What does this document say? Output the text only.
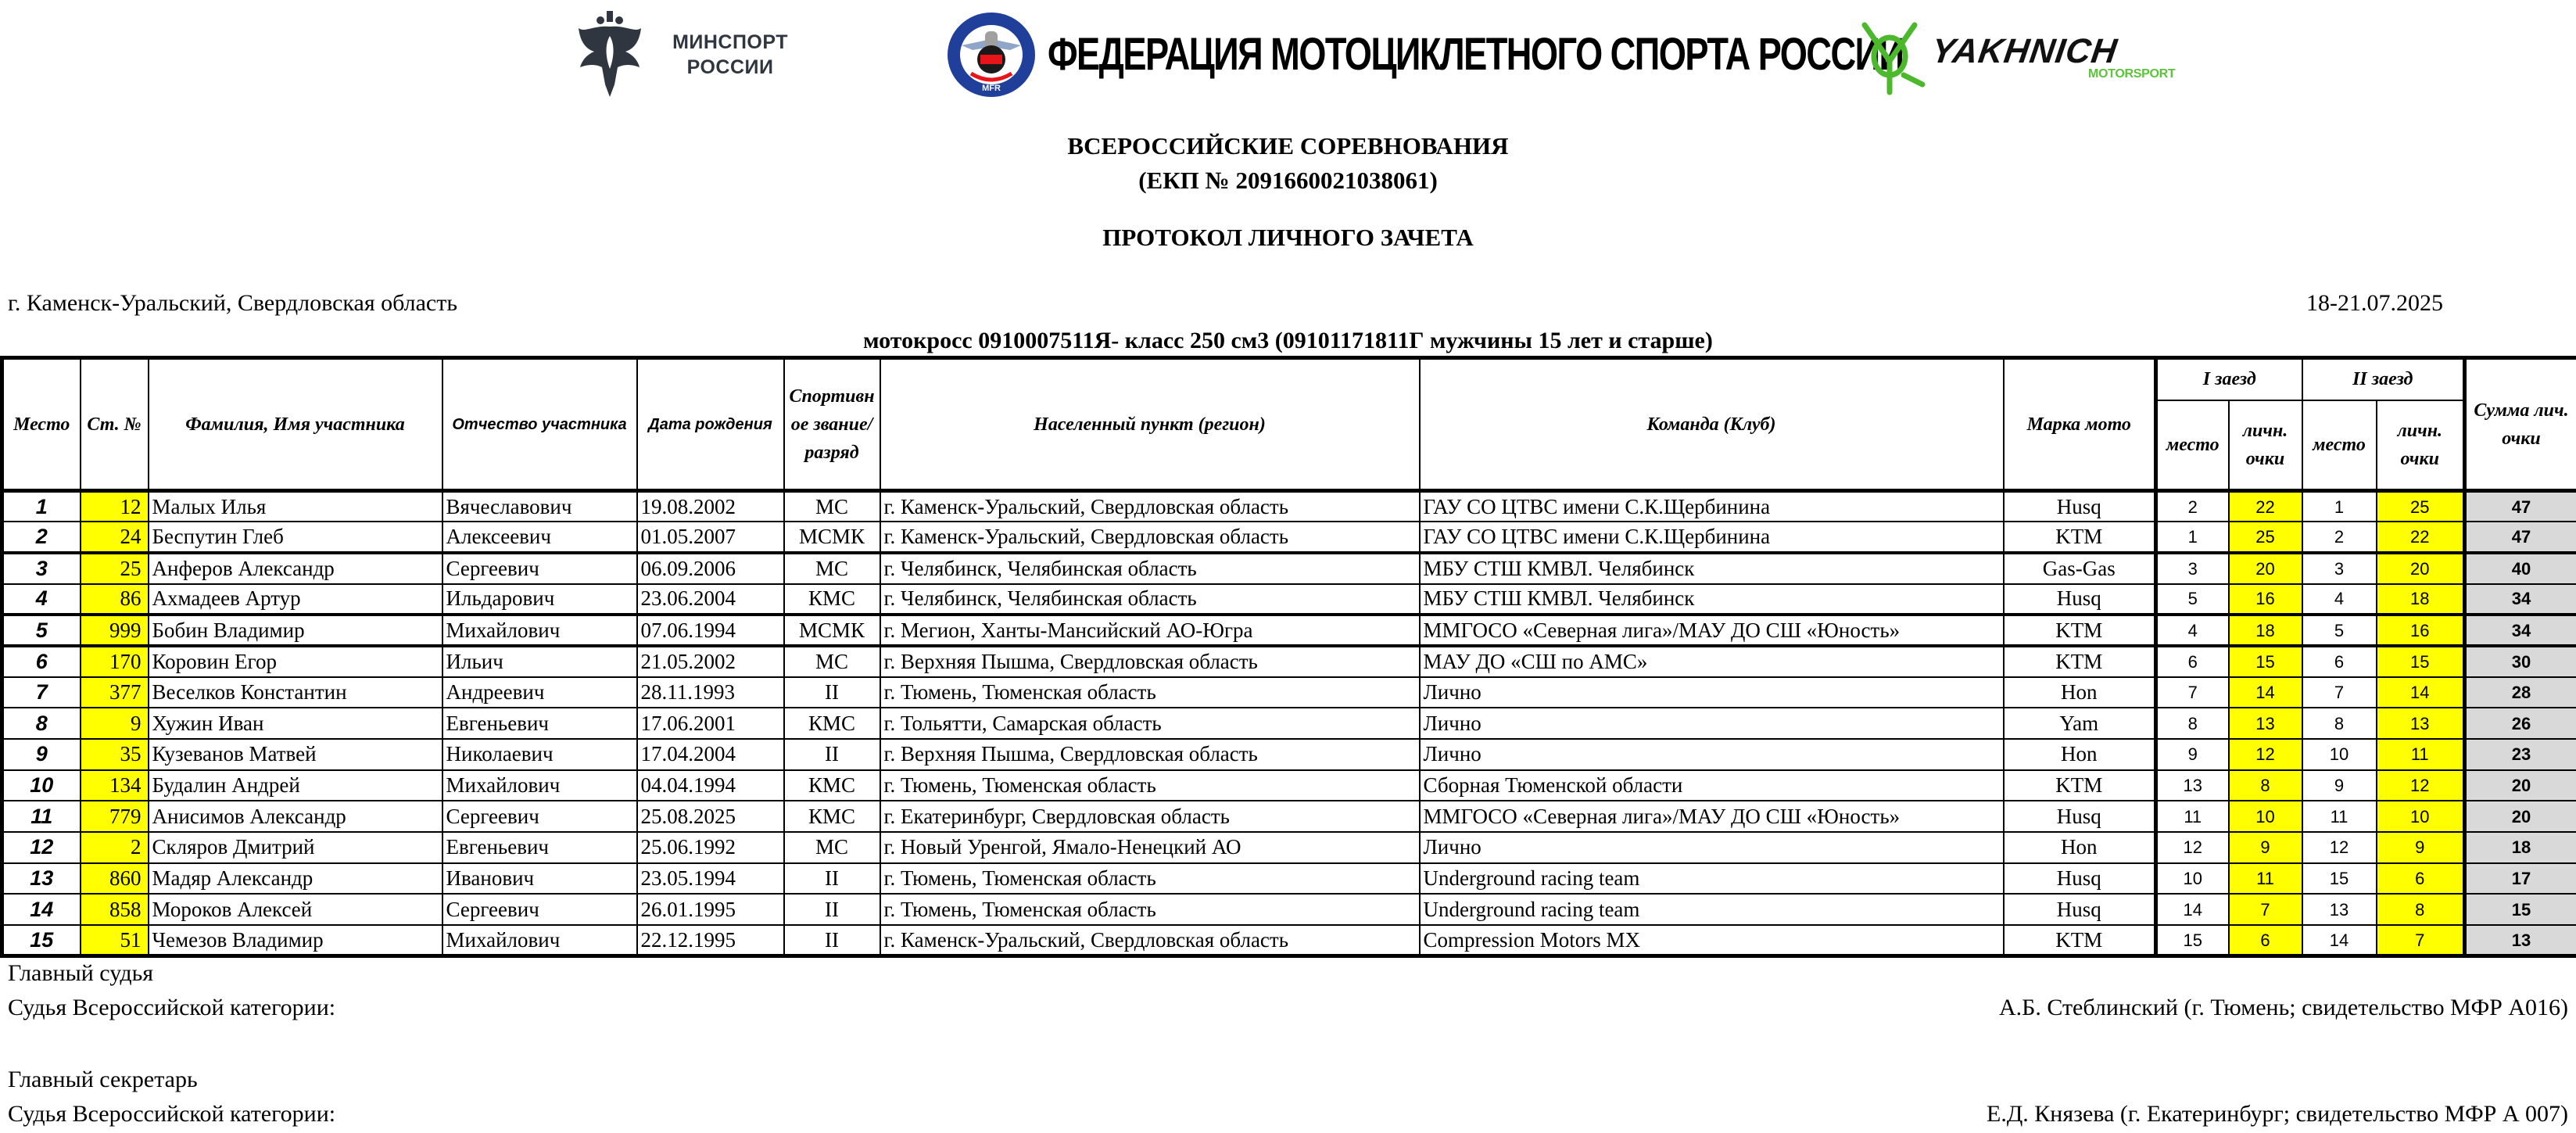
МИНСПОРТ
РОССИИ
MFR
ФЕДЕРАЦИЯ МОТОЦИКЛЕТНОГО СПОРТА РОССИИ YAKHNICH
MOTORSPORT
ВСЕРОССИЙСКИЕ СОРЕВНОВАНИЯ
(ЕКП № 2091660021038061)
ПРОТОКОЛ ЛИЧНОГО ЗАЧЕТА
г. Каменск-Уральский, Свердловская область	18-21.07.2025
мотокросс 0910007511Я- класс 250 см3 (09101171811Г мужчины 15 лет и старше)
Место	Ст. №	Фамилия, Имя участника	Отчество участника	Дата рождения	Спортивное звание/разряд	Населенный пункт (регион)	Команда (Клуб)	Марка мото	I заезд		II заезд		Сумма лич. очки
									место	личн. очки	место	личн. очки	
1	12	Малых Илья	Вячеславович	19.08.2002	МС	г. Каменск-Уральский, Свердловская область	ГАУ СО ЦТВС имени С.К.Щербинина	Husq	2	22	1	25	47
2	24	Беспутин Глеб	Алексеевич	01.05.2007	МСМК	г. Каменск-Уральский, Свердловская область	ГАУ СО ЦТВС имени С.К.Щербинина	KTM	1	25	2	22	47
3	25	Анферов Александр	Сергеевич	06.09.2006	МС	г. Челябинск, Челябинская область	МБУ СТШ КМВЛ. Челябинск	Gas-Gas	3	20	3	20	40
4	86	Ахмадеев Артур	Ильдарович	23.06.2004	КМС	г. Челябинск, Челябинская область	МБУ СТШ КМВЛ. Челябинск	Husq	5	16	4	18	34
5	999	Бобин Владимир	Михайлович	07.06.1994	МСМК	г. Мегион, Ханты-Мансийский АО-Югра	ММГОСО «Северная лига»/МАУ ДО СШ «Юность»	KTM	4	18	5	16	34
6	170	Коровин Егор	Ильич	21.05.2002	МС	г. Верхняя Пышма, Свердловская область	МАУ ДО «СШ по АМС»	KTM	6	15	6	15	30
7	377	Веселков Константин	Андреевич	28.11.1993	II	г. Тюмень, Тюменская область	Лично	Hon	7	14	7	14	28
8	9	Хужин Иван	Евгеньевич	17.06.2001	КМС	г. Тольятти, Самарская область	Лично	Yam	8	13	8	13	26
9	35	Кузеванов Матвей	Николаевич	17.04.2004	II	г. Верхняя Пышма, Свердловская область	Лично	Hon	9	12	10	11	23
10	134	Будалин Андрей	Михайлович	04.04.1994	КМС	г. Тюмень, Тюменская область	Сборная Тюменской области	KTM	13	8	9	12	20
11	779	Анисимов Александр	Сергеевич	25.08.2025	КМС	г. Екатеринбург, Свердловская область	ММГОСО «Северная лига»/МАУ ДО СШ «Юность»	Husq	11	10	11	10	20
12	2	Скляров Дмитрий	Евгеньевич	25.06.1992	МС	г. Новый Уренгой, Ямало-Ненецкий АО	Лично	Hon	12	9	12	9	18
13	860	Мадяр Александр	Иванович	23.05.1994	II	г. Тюмень, Тюменская область	Underground racing team	Husq	10	11	15	6	17
14	858	Мороков Алексей	Сергеевич	26.01.1995	II	г. Тюмень, Тюменская область	Underground racing team	Husq	14	7	13	8	15
15	51	Чемезов Владимир	Михайлович	22.12.1995	II	г. Каменск-Уральский, Свердловская область	Compression Motors MX	KTM	15	6	14	7	13
Главный судья
Судья Всероссийской категории:	А.Б. Стеблинский (г. Тюмень; свидетельство МФР А016)
Главный секретарь
Судья Всероссийской категории:	Е.Д. Князева (г. Екатеринбург; свидетельство МФР А 007)
